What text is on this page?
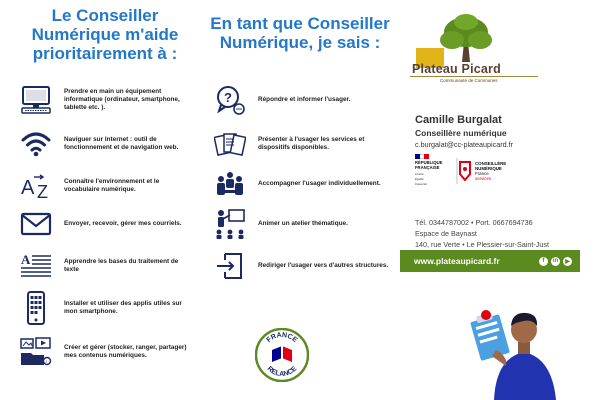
Le Conseiller Numérique m'aide prioritairement à :
En tant que Conseiller Numérique, je sais :
Prendre en main un équipement informatique (ordinateur, smartphone, tablette etc. ).
Naviguer sur Internet : outil de fonctionnement et de navigation web.
A Z
Connaître l'environnement et le vocabulaire numérique.
Envoyer, recevoir, gérer mes courriels.
A	Apprendre les bases du traitement de texte
Installer et utiliser des applis utiles sur mon smartphone.
♪
Créer et gérer (stocker, ranger, partager) mes contenus numériques.
?	Répondre et informer l'usager.
Présenter à l'usager les services et dispositifs disponibles.
Accompagner l'usager individuellement.
Animer un atelier thématique.
Rediriger l'usager vers d'autres structures.
Plateau Picard
Communauté de Communes
Camille Burgalat
Conseillère numérique
c.burgalat@cc-plateaupicard.fr
RÉPUBLIQUE
FRANÇAISE
Liberté
Égalité
Fraternité
CONSEILLÈRE
NUMÉRIQUE
France
services
Tél. 0344787002 • Port. 0667694736
Espace de Baynast
140, rue Verte • Le Plessier-sur-Saint-Just
www.plateaupicard.fr	f	in	▶
FRANCE
RELANCE
